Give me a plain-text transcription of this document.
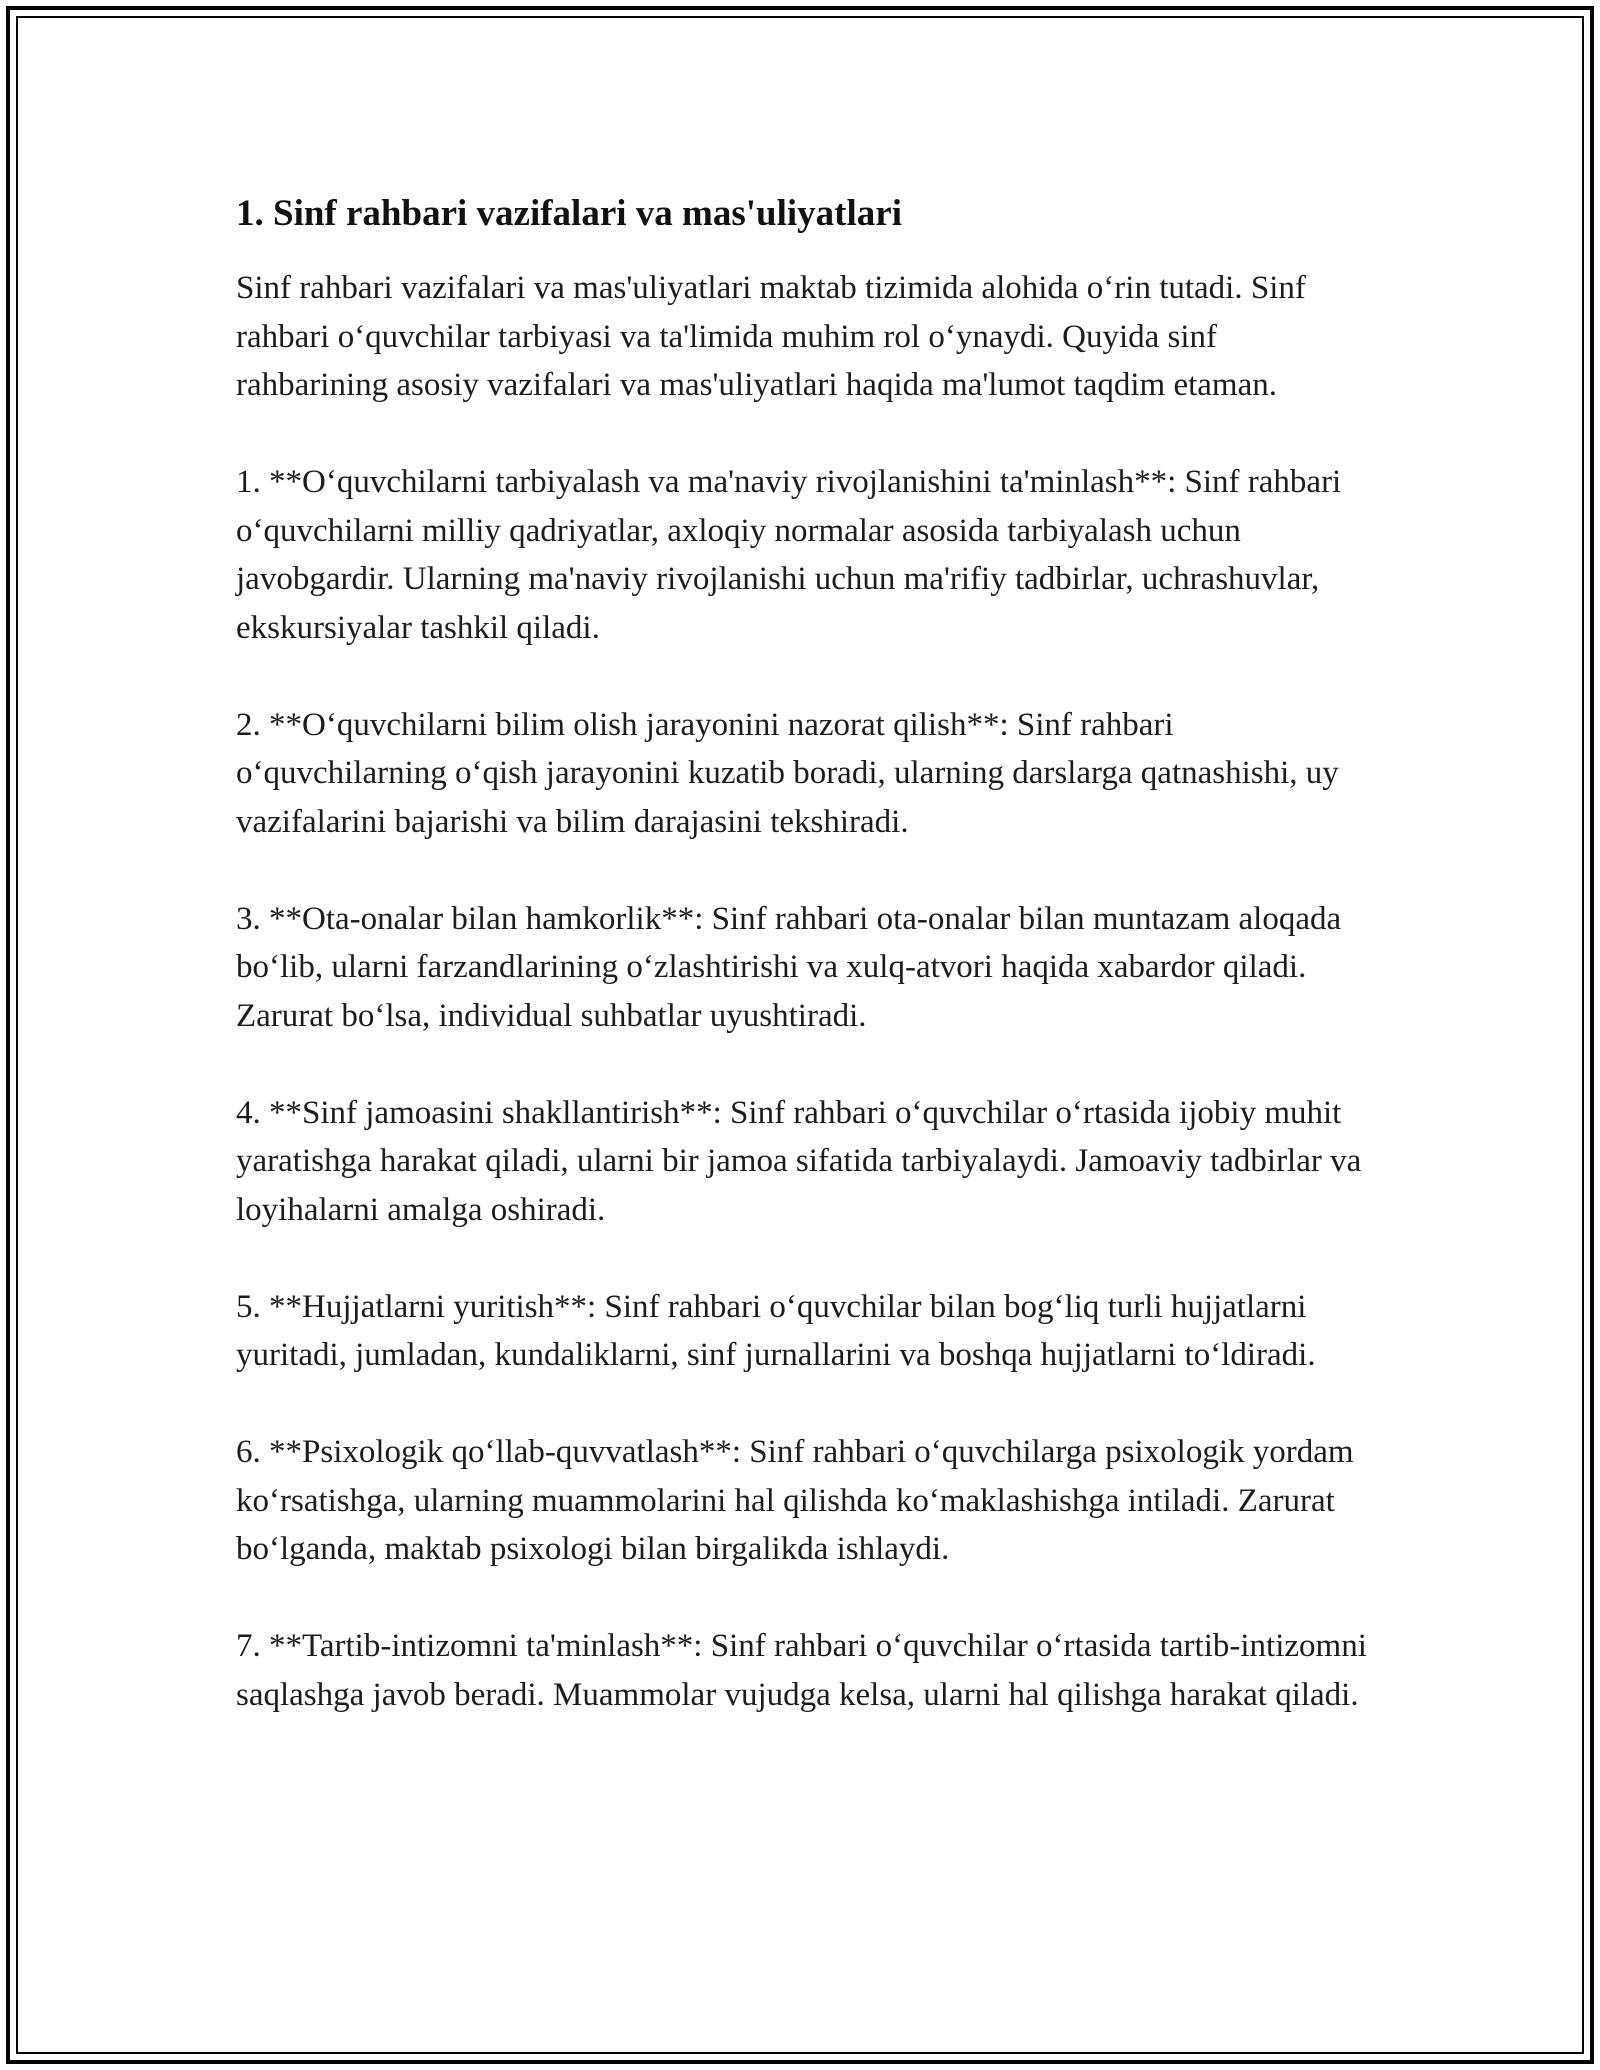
1. Sinf rahbari vazifalari va mas'uliyatlari

Sinf rahbari vazifalari va mas'uliyatlari maktab tizimida alohida o‘rin tutadi. Sinf rahbari o‘quvchilar tarbiyasi va ta'limida muhim rol o‘ynaydi. Quyida sinf rahbarining asosiy vazifalari va mas'uliyatlari haqida ma'lumot taqdim etaman.

1. **O‘quvchilarni tarbiyalash va ma'naviy rivojlanishini ta'minlash**: Sinf rahbari o‘quvchilarni milliy qadriyatlar, axloqiy normalar asosida tarbiyalash uchun javobgardir. Ularning ma'naviy rivojlanishi uchun ma'rifiy tadbirlar, uchrashuvlar, ekskursiyalar tashkil qiladi.

2. **O‘quvchilarni bilim olish jarayonini nazorat qilish**: Sinf rahbari o‘quvchilarning o‘qish jarayonini kuzatib boradi, ularning darslarga qatnashishi, uy vazifalarini bajarishi va bilim darajasini tekshiradi.

3. **Ota-onalar bilan hamkorlik**: Sinf rahbari ota-onalar bilan muntazam aloqada bo‘lib, ularni farzandlarining o‘zlashtirishi va xulq-atvori haqida xabardor qiladi. Zarurat bo‘lsa, individual suhbatlar uyushtiradi.

4. **Sinf jamoasini shakllantirish**: Sinf rahbari o‘quvchilar o‘rtasida ijobiy muhit yaratishga harakat qiladi, ularni bir jamoa sifatida tarbiyalaydi. Jamoaviy tadbirlar va loyihalarni amalga oshiradi.

5. **Hujjatlarni yuritish**: Sinf rahbari o‘quvchilar bilan bog‘liq turli hujjatlarni yuritadi, jumladan, kundaliklarni, sinf jurnallarini va boshqa hujjatlarni to‘ldiradi.

6. **Psixologik qo‘llab-quvvatlash**: Sinf rahbari o‘quvchilarga psixologik yordam ko‘rsatishga, ularning muammolarini hal qilishda ko‘maklashishga intiladi. Zarurat bo‘lganda, maktab psixologi bilan birgalikda ishlaydi.

7. **Tartib-intizomni ta'minlash**: Sinf rahbari o‘quvchilar o‘rtasida tartib-intizomni saqlashga javob beradi. Muammolar vujudga kelsa, ularni hal qilishga harakat qiladi.
